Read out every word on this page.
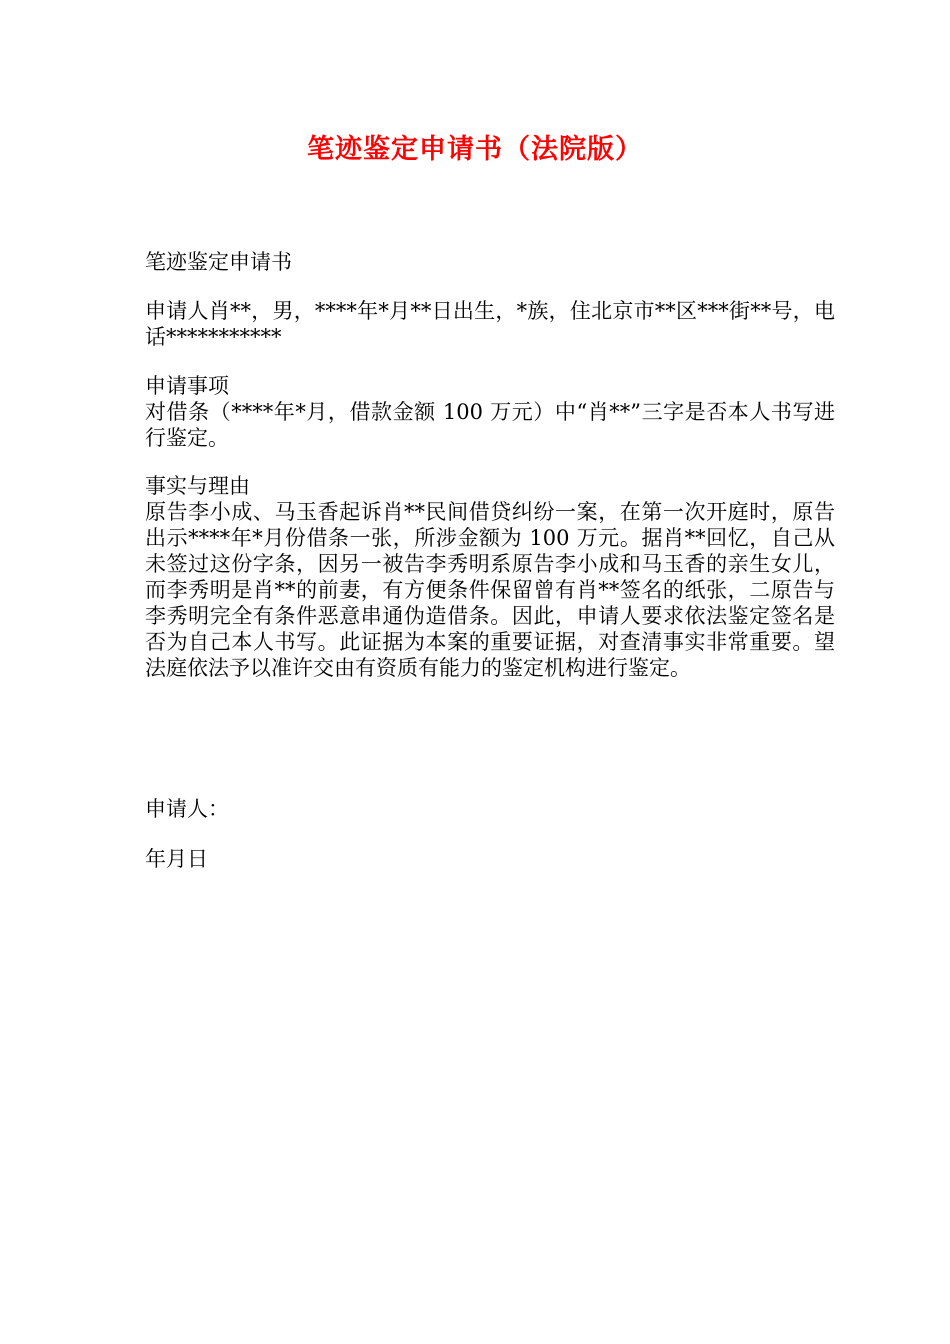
笔迹鉴定申请书（法院版）
笔迹鉴定申请书
申请人肖**，男，****年*月**日出生，*族，住北京市**区***街**号，电话***********
申请事项
对借条（****年*月，借款金额 100 万元）中“肖**”三字是否本人书写进行鉴定。
事实与理由
原告李小成、马玉香起诉肖**民间借贷纠纷一案，在第一次开庭时，原告出示****年*月份借条一张，所涉金额为 100 万元。据肖**回忆，自己从未签过这份字条，因另一被告李秀明系原告李小成和马玉香的亲生女儿，而李秀明是肖**的前妻，有方便条件保留曾有肖**签名的纸张，二原告与李秀明完全有条件恶意串通伪造借条。因此，申请人要求依法鉴定签名是否为自己本人书写。此证据为本案的重要证据，对查清事实非常重要。望法庭依法予以准许交由有资质有能力的鉴定机构进行鉴定。
申请人：
年月日
